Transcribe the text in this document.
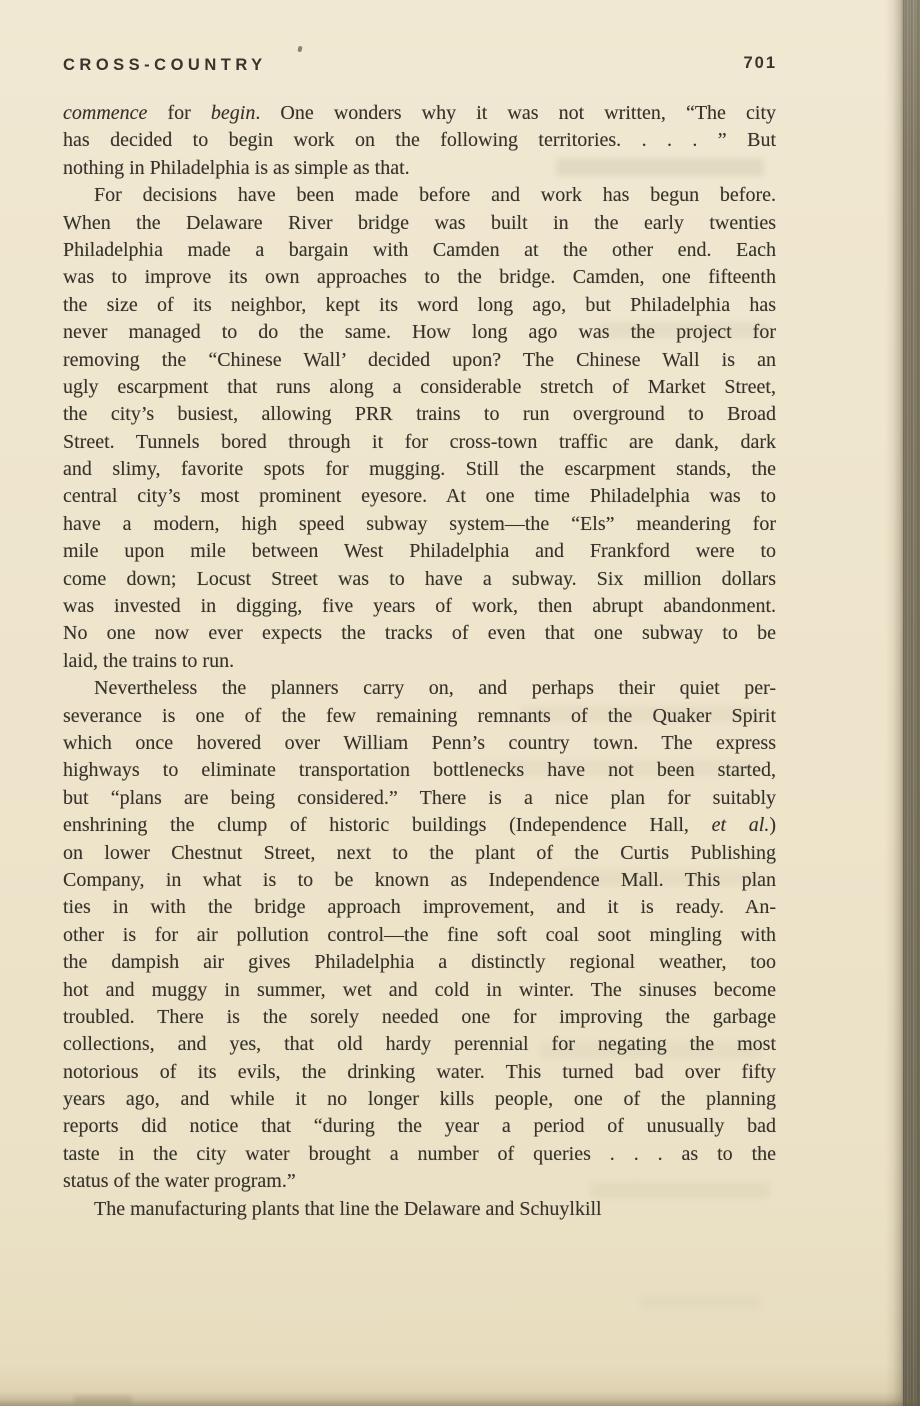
CROSS-COUNTRY	701
commence for begin. One wonders why it was not written, “The city
has decided to begin work on the following territories. . . . ” But
nothing in Philadelphia is as simple as that.
For decisions have been made before and work has begun before.
When the Delaware River bridge was built in the early twenties
Philadelphia made a bargain with Camden at the other end. Each
was to improve its own approaches to the bridge. Camden, one fifteenth
the size of its neighbor, kept its word long ago, but Philadelphia has
never managed to do the same. How long ago was the project for
removing the “Chinese Wall’ decided upon? The Chinese Wall is an
ugly escarpment that runs along a considerable stretch of Market Street,
the city’s busiest, allowing PRR trains to run overground to Broad
Street. Tunnels bored through it for cross-town traffic are dank, dark
and slimy, favorite spots for mugging. Still the escarpment stands, the
central city’s most prominent eyesore. At one time Philadelphia was to
have a modern, high speed subway system—the “Els” meandering for
mile upon mile between West Philadelphia and Frankford were to
come down; Locust Street was to have a subway. Six million dollars
was invested in digging, five years of work, then abrupt abandonment.
No one now ever expects the tracks of even that one subway to be
laid, the trains to run.
Nevertheless the planners carry on, and perhaps their quiet per-
severance is one of the few remaining remnants of the Quaker Spirit
which once hovered over William Penn’s country town. The express
highways to eliminate transportation bottlenecks have not been started,
but “plans are being considered.” There is a nice plan for suitably
enshrining the clump of historic buildings (Independence Hall, et al.)
on lower Chestnut Street, next to the plant of the Curtis Publishing
Company, in what is to be known as Independence Mall. This plan
ties in with the bridge approach improvement, and it is ready. An-
other is for air pollution control—the fine soft coal soot mingling with
the dampish air gives Philadelphia a distinctly regional weather, too
hot and muggy in summer, wet and cold in winter. The sinuses become
troubled. There is the sorely needed one for improving the garbage
collections, and yes, that old hardy perennial for negating the most
notorious of its evils, the drinking water. This turned bad over fifty
years ago, and while it no longer kills people, one of the planning
reports did notice that “during the year a period of unusually bad
taste in the city water brought a number of queries . . . as to the
status of the water program.”
The manufacturing plants that line the Delaware and Schuylkill
